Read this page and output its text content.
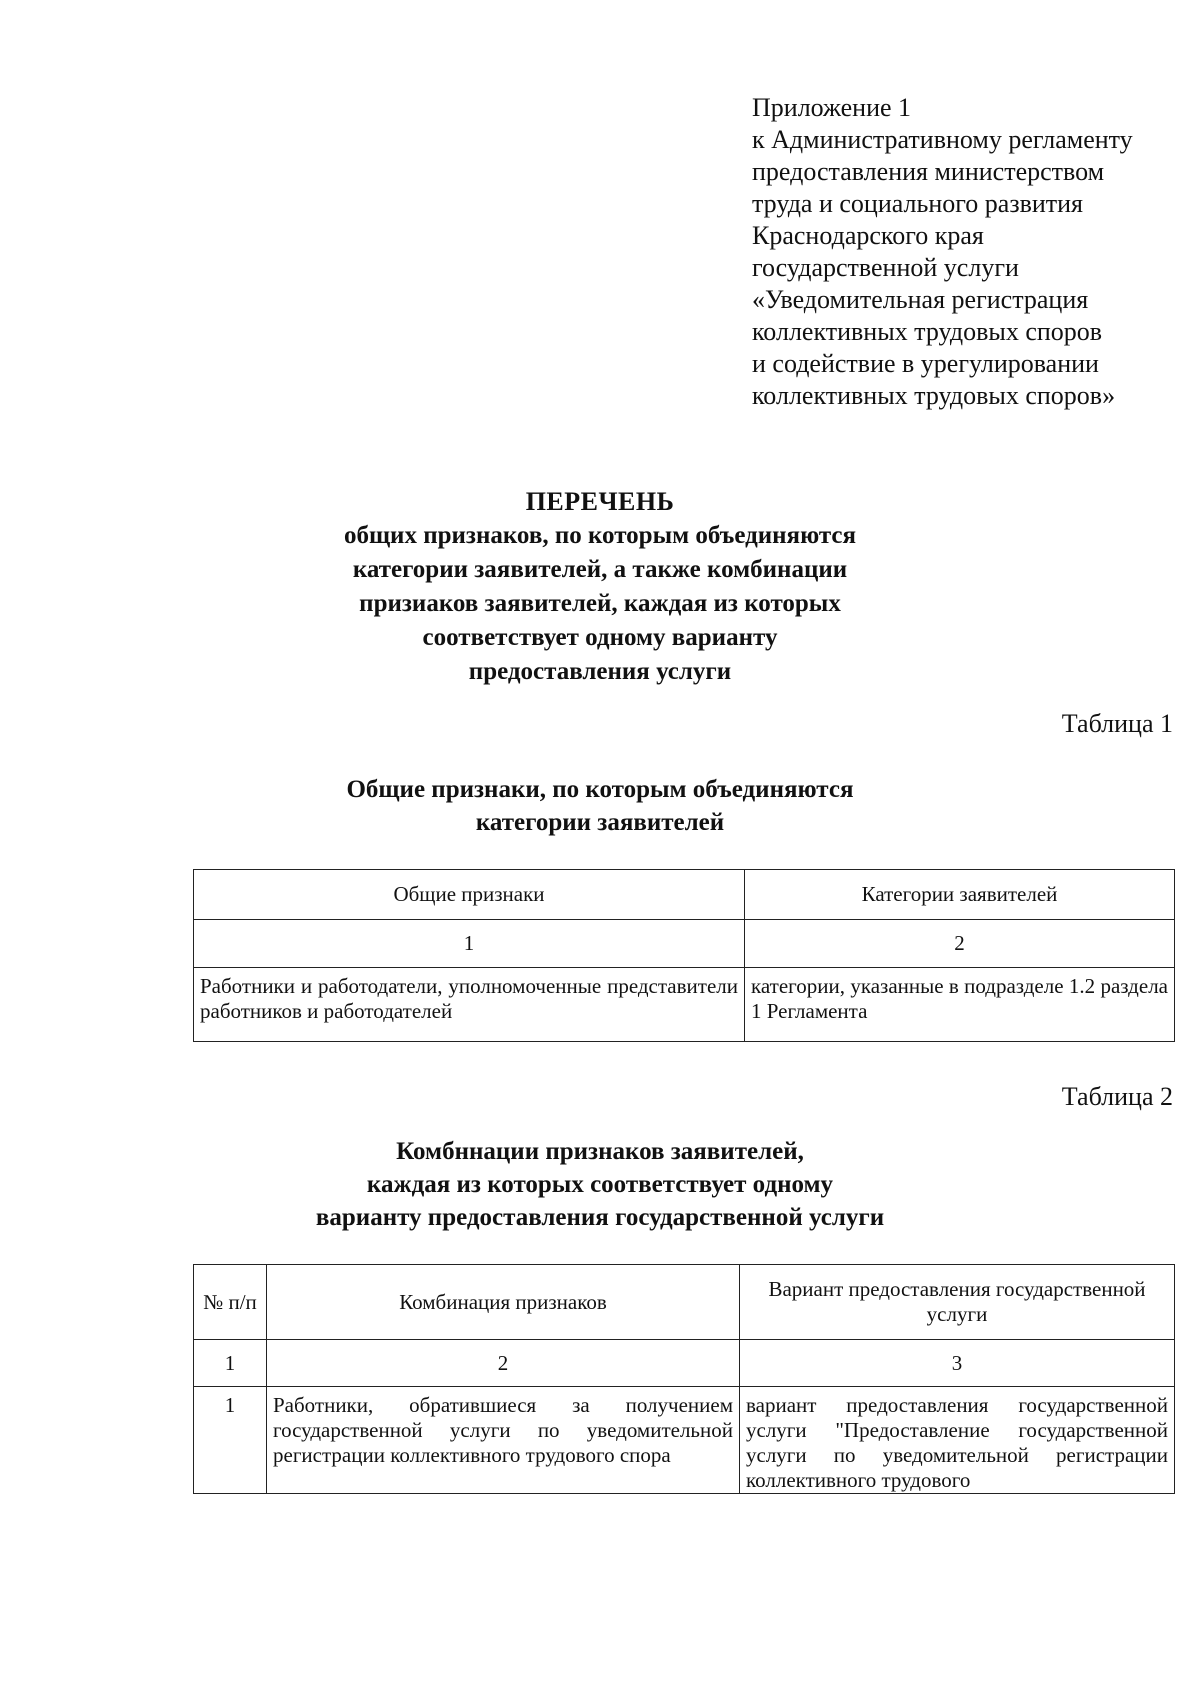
Приложение 1
к Административному регламенту
предоставления министерством
труда и социального развития
Краснодарского края
государственной услуги
«Уведомительная регистрация
коллективных трудовых споров
и содействие в урегулировании
коллективных трудовых споров»
ПЕРЕЧЕНЬ
общих признаков, по которым объединяются
категории заявителей, а также комбинации
призиаков заявителей, каждая из которых
соответствует одному варианту
предоставления услуги
Таблица 1
Общие признаки, по которым объединяются
категории заявителей
Общие признаки	Категории заявителей
1	2
Работники и работодатели, уполномоченные представители работников и работодателей	категории, указанные в подразделе 1.2 раздела 1 Регламента
Таблица 2
Комбннации признаков заявителей,
каждая из которых соответствует одному
варианту предоставления государственной услуги
№ п/п	Комбинация признаков	Вариант предоставления государственной услуги
1	2	3
1	Работники, обратившиеся за получением государственной услуги по уведомительной регистрации коллективного трудового спора	вариант предоставления государственной услуги "Предоставление государственной услуги по уведомительной регистрации коллективного трудового
